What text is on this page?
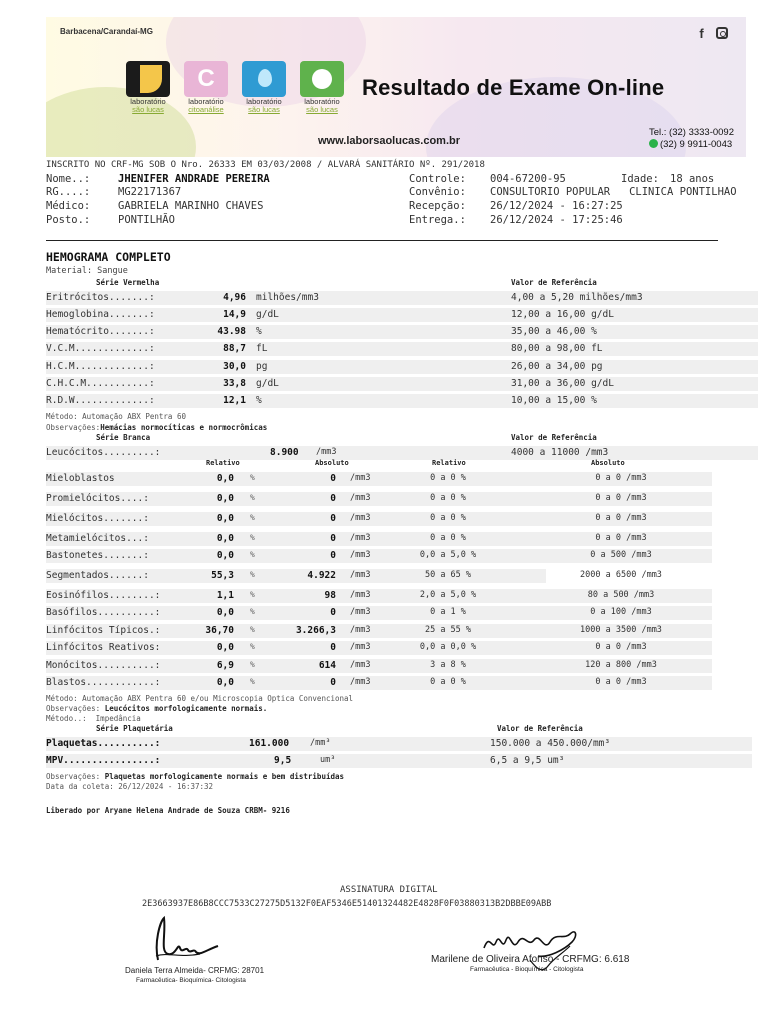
Barbacena/Carandaí-MG	f
laboratório
são lucas
C
laboratório
citoanálise
laboratório
são lucas
laboratório
são lucas
Resultado de Exame On-line
www.laborsaolucas.com.br
Tel.: (32) 3333-0092
(32) 9 9911-0043
INSCRITO NO CRF-MG SOB O Nro. 26333 EM 03/03/2008 / ALVARÁ SANITÁRIO Nº. 291/2018
Nome..:	JHENIFER ANDRADE PEREIRA
RG....:	MG22171367
Médico:	GABRIELA MARINHO CHAVES
Posto.:	PONTILHÃO
Controle: 004-67200-95	Idade: 18 anos
Convênio: CONSULTORIO POPULAR   CLINICA PONTILHÃO
Recepção: 26/12/2024 - 16:27:25
Entrega.: 26/12/2024 - 17:25:46
HEMOGRAMA COMPLETO
Material: Sangue
Série Vermelha	Valor de Referência
Eritrócitos.......:	4,96 milhões/mm3	4,00 a 5,20 milhões/mm3
Hemoglobina.......:	14,9 g/dL	12,00 a 16,00 g/dL
Hematócrito.......:	43.98 %	35,00 a 46,00 %
V.C.M.............:	88,7 fL	80,00 a 98,00 fL
H.C.M.............:	30,0 pg	26,00 a 34,00 pg
C.H.C.M...........:	33,8 g/dL	31,00 a 36,00 g/dL
R.D.W.............:	12,1 %	10,00 a 15,00 %
Método: Automação ABX Pentra 60
Observações:Hemácias normocíticas e normocrômicas
Série Branca	Valor de Referência
Leucócitos.........:	8.900 /mm3	4000 a 11000 /mm3
Relativo	Absoluto	Relativo	Absoluto
Mieloblastos	0,0 %	0 /mm3	0 a 0 %	0 a 0 /mm3
Promielócitos....:	0,0 %	0 /mm3	0 a 0 %	0 a 0 /mm3
Mielócitos.......:	0,0 %	0 /mm3	0 a 0 %	0 a 0 /mm3
Metamielócitos...:	0,0 %	0 /mm3	0 a 0 %	0 a 0 /mm3
Bastonetes.......:	0,0 %	0 /mm3	0,0 a 5,0 %	0 a 500 /mm3
Segmentados......:	55,3 %	4.922 /mm3	50 a 65 %	2000 a 6500 /mm3
Eosinófilos........:	1,1 %	98 /mm3	2,0 a 5,0 %	80 a 500 /mm3
Basófilos..........:	0,0 %	0 /mm3	0 a 1 %	0 a 100 /mm3
Linfócitos Típicos.:	36,70 %	3.266,3 /mm3	25 a 55 %	1000 a 3500 /mm3
Linfócitos Reativos:	0,0 %	0 /mm3	0,0 a 0,0 %	0 a 0 /mm3
Monócitos..........:	6,9 %	614 /mm3	3 a 8 %	120 a 800 /mm3
Blastos............:	0,0 %	0 /mm3	0 a 0 %	0 a 0 /mm3
Método: Automação ABX Pentra 60 e/ou Microscopia Optica Convencional
Observações: Leucócitos morfologicamente normais.
Método..: Impedância
Série Plaquetária	Valor de Referência
Plaquetas..........:	161.000 /mm³	150.000 a 450.000/mm³
MPV................:	9,5	um³	6,5 a 9,5 um³
Observações: Plaquetas morfologicamente normais e bem distribuídas
Data da coleta: 26/12/2024 - 16:37:32
Liberado por Aryane Helena Andrade de Souza CRBM- 9216
ASSINATURA DIGITAL
2E3663937E86B8CCC7533C27275D5132F0EAF5346E51401324482E4828F0F03880313B2DBBE09ABB
Daniela Terra Almeida- CRFMG: 28701
Farmacêutica- Bioquímica- Citologista
Marilene de Oliveira Afonso - CRFMG: 6.618
Farmacêutica - Bioquímica - Citologista
